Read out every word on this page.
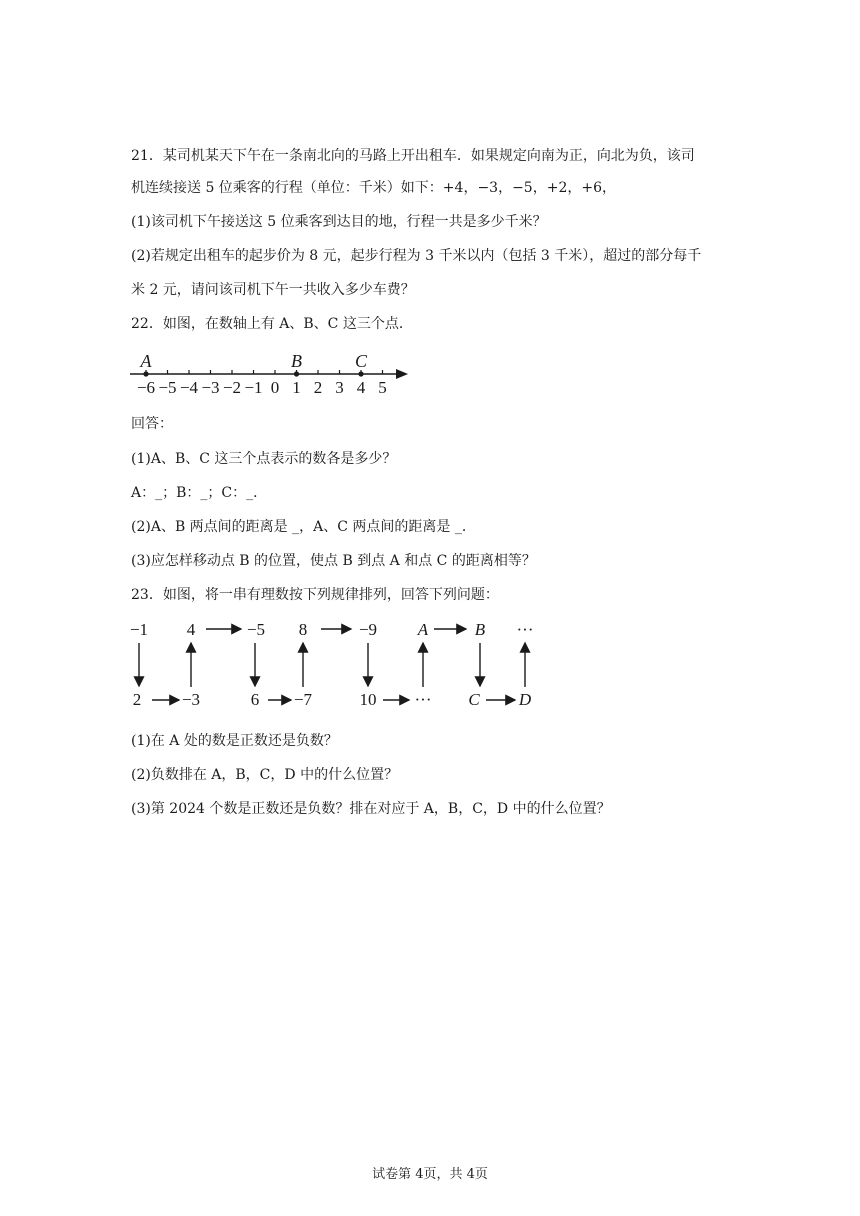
21．某司机某天下午在一条南北向的马路上开出租车．如果规定向南为正，向北为负，该司
机连续接送 5 位乘客的行程（单位：千米）如下：+4，−3，−5，+2，+6，
(1)该司机下午接送这 5 位乘客到达目的地，行程一共是多少千米？
(2)若规定出租车的起步价为 8 元，起步行程为 3 千米以内（包括 3 千米），超过的部分每千
米 2 元，请问该司机下午一共收入多少车费？
22．如图，在数轴上有 A、B、C 这三个点．
−6 −5 −4 −3 −2 −1 0 1 2 3 4 5
A	B	C
回答：
(1)A、B、C 这三个点表示的数各是多少？
A：_；B：_；C：_．
(2)A、B 两点间的距离是 _，A、C 两点间的距离是 _．
(3)应怎样移动点 B 的位置，使点 B 到点 A 和点 C 的距离相等？
23．如图，将一串有理数按下列规律排列，回答下列问题：
−1 4	−5 8	−9 A	B ···
2 −3	6 −7	10 ··· C D
(1)在 A 处的数是正数还是负数？
(2)负数排在 A，B，C，D 中的什么位置？
(3)第 2024 个数是正数还是负数？排在对应于 A，B，C，D 中的什么位置？
试卷第 4页，共 4页
